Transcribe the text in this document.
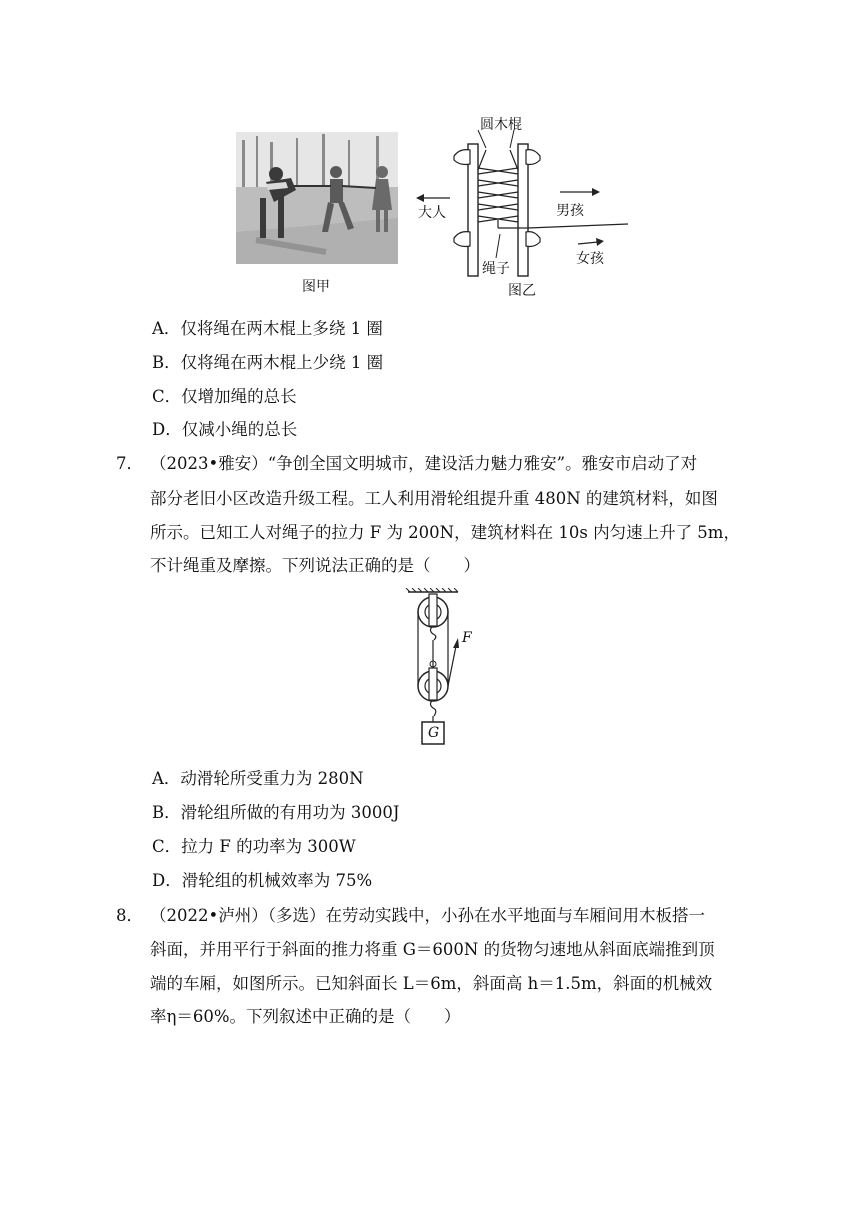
图甲
圆木棍
大人	男孩
女孩
绳子
图乙
A．仅将绳在两木棍上多绕 1 圈
B．仅将绳在两木棍上少绕 1 圈
C．仅增加绳的总长
D．仅减小绳的总长
7． （2023•雅安）“争创全国文明城市，建设活力魅力雅安”。雅安市启动了对
部分老旧小区改造升级工程。工人利用滑轮组提升重 480N 的建筑材料，如图
所示。已知工人对绳子的拉力 F 为 200N，建筑材料在 10s 内匀速上升了 5m，
不计绳重及摩擦。下列说法正确的是（　　）
F
G
A．动滑轮所受重力为 280N
B．滑轮组所做的有用功为 3000J
C．拉力 F 的功率为 300W
D．滑轮组的机械效率为 75%
8． （2022•泸州）（多选）在劳动实践中，小孙在水平地面与车厢间用木板搭一
斜面，并用平行于斜面的推力将重 G＝600N 的货物匀速地从斜面底端推到顶
端的车厢，如图所示。已知斜面长 L＝6m，斜面高 h＝1.5m，斜面的机械效
率η＝60%。下列叙述中正确的是（　　）
